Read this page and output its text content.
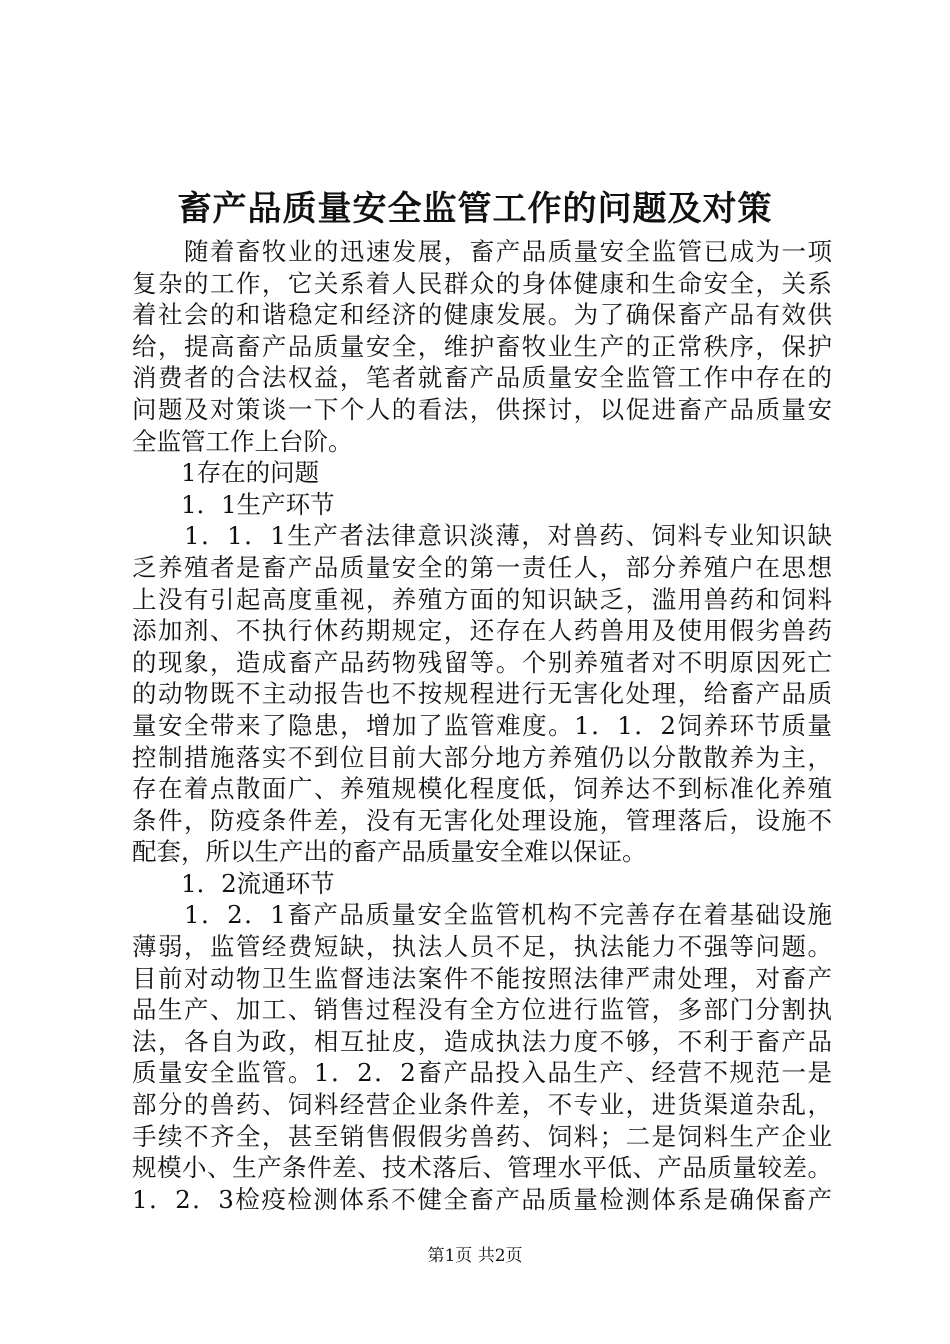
畜产品质量安全监管工作的问题及对策
　　随着畜牧业的迅速发展，畜产品质量安全监管已成为一项
复杂的工作，它关系着人民群众的身体健康和生命安全，关系
着社会的和谐稳定和经济的健康发展。为了确保畜产品有效供
给，提高畜产品质量安全，维护畜牧业生产的正常秩序，保护
消费者的合法权益，笔者就畜产品质量安全监管工作中存在的
问题及对策谈一下个人的看法，供探讨，以促进畜产品质量安
全监管工作上台阶。
　　1存在的问题
　　1．1生产环节
　　1．1．1生产者法律意识淡薄，对兽药、饲料专业知识缺
乏养殖者是畜产品质量安全的第一责任人，部分养殖户在思想
上没有引起高度重视，养殖方面的知识缺乏，滥用兽药和饲料
添加剂、不执行休药期规定，还存在人药兽用及使用假劣兽药
的现象，造成畜产品药物残留等。个别养殖者对不明原因死亡
的动物既不主动报告也不按规程进行无害化处理，给畜产品质
量安全带来了隐患，增加了监管难度。1．1．2饲养环节质量
控制措施落实不到位目前大部分地方养殖仍以分散散养为主，
存在着点散面广、养殖规模化程度低，饲养达不到标准化养殖
条件，防疫条件差，没有无害化处理设施，管理落后，设施不
配套，所以生产出的畜产品质量安全难以保证。
　　1．2流通环节
　　1．2．1畜产品质量安全监管机构不完善存在着基础设施
薄弱，监管经费短缺，执法人员不足，执法能力不强等问题。
目前对动物卫生监督违法案件不能按照法律严肃处理，对畜产
品生产、加工、销售过程没有全方位进行监管，多部门分割执
法，各自为政，相互扯皮，造成执法力度不够，不利于畜产品
质量安全监管。1．2．2畜产品投入品生产、经营不规范一是
部分的兽药、饲料经营企业条件差，不专业，进货渠道杂乱，
手续不齐全，甚至销售假假劣兽药、饲料；二是饲料生产企业
规模小、生产条件差、技术落后、管理水平低、产品质量较差。
1．2．3检疫检测体系不健全畜产品质量检测体系是确保畜产
第1页 共2页
